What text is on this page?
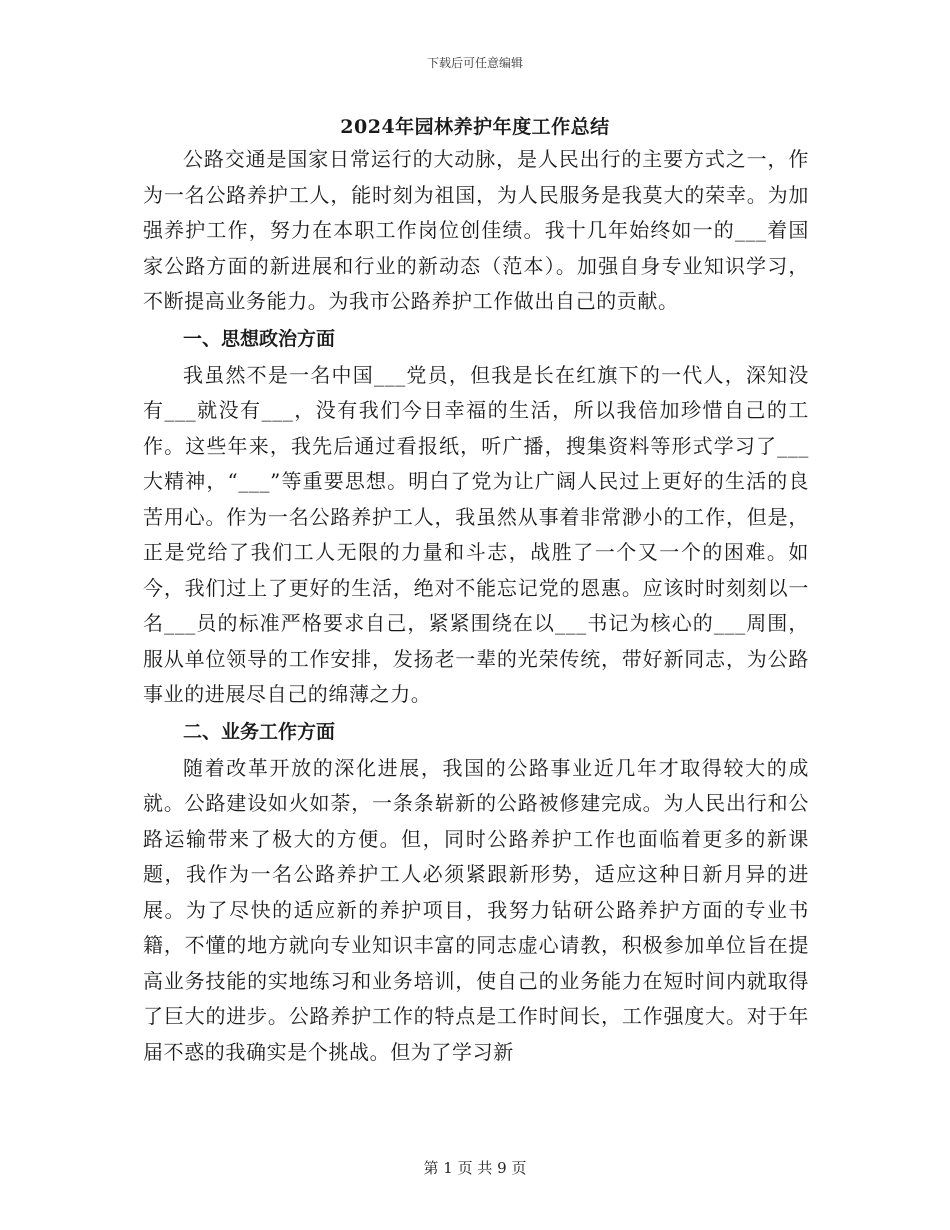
下载后可任意编辑
2024年园林养护年度工作总结

公路交通是国家日常运行的大动脉，是人民出行的主要方式之一，作为一名公路养护工人，能时刻为祖国，为人民服务是我莫大的荣幸。为加强养护工作，努力在本职工作岗位创佳绩。我十几年始终如一的___着国家公路方面的新进展和行业的新动态（范本）。加强自身专业知识学习，不断提高业务能力。为我市公路养护工作做出自己的贡献。

一、思想政治方面

我虽然不是一名中国___党员，但我是长在红旗下的一代人，深知没有___就没有___，没有我们今日幸福的生活，所以我倍加珍惜自己的工作。这些年来，我先后通过看报纸，听广播，搜集资料等形式学习了___大精神，“___”等重要思想。明白了党为让广阔人民过上更好的生活的良苦用心。作为一名公路养护工人，我虽然从事着非常渺小的工作，但是，正是党给了我们工人无限的力量和斗志，战胜了一个又一个的困难。如今，我们过上了更好的生活，绝对不能忘记党的恩惠。应该时时刻刻以一名___员的标准严格要求自己，紧紧围绕在以___书记为核心的___周围，服从单位领导的工作安排，发扬老一辈的光荣传统，带好新同志，为公路事业的进展尽自己的绵薄之力。

二、业务工作方面

随着改革开放的深化进展，我国的公路事业近几年才取得较大的成就。公路建设如火如荼，一条条崭新的公路被修建完成。为人民出行和公路运输带来了极大的方便。但，同时公路养护工作也面临着更多的新课题，我作为一名公路养护工人必须紧跟新形势，适应这种日新月异的进展。为了尽快的适应新的养护项目，我努力钻研公路养护方面的专业书籍，不懂的地方就向专业知识丰富的同志虚心请教，积极参加单位旨在提高业务技能的实地练习和业务培训，使自己的业务能力在短时间内就取得了巨大的进步。公路养护工作的特点是工作时间长，工作强度大。对于年届不惑的我确实是个挑战。但为了学习新

第 1 页 共 9 页
